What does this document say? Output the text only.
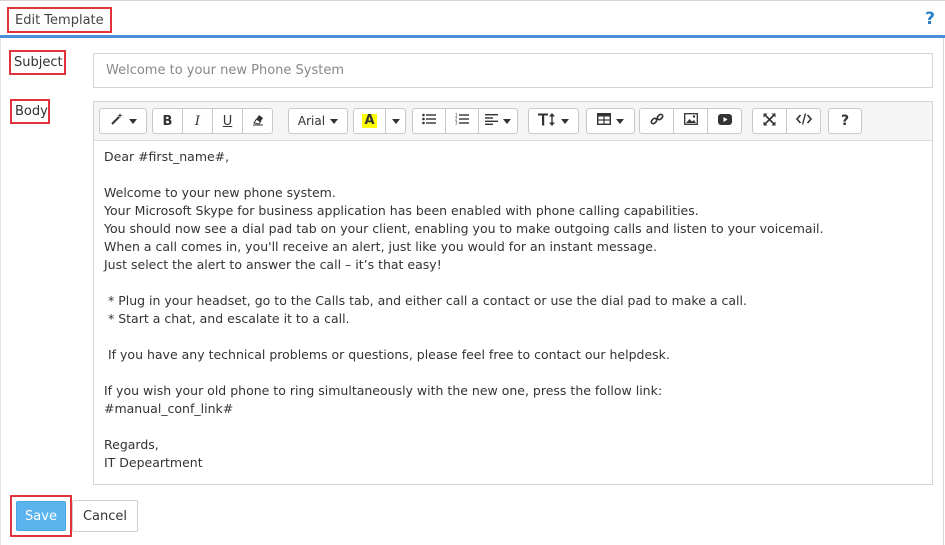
Edit Template	?
Subject
Welcome to your new Phone System
Body
B I U	Arial	A	1
2
3	?
Dear #first_name#,

Welcome to your new phone system.
Your Microsoft Skype for business application has been enabled with phone calling capabilities.
You should now see a dial pad tab on your client, enabling you to make outgoing calls and listen to your voicemail.
When a call comes in, you'll receive an alert, just like you would for an instant message.
Just select the alert to answer the call – it’s that easy!

* Plug in your headset, go to the Calls tab, and either call a contact or use the dial pad to make a call.
* Start a chat, and escalate it to a call.

If you have any technical problems or questions, please feel free to contact our helpdesk.

If you wish your old phone to ring simultaneously with the new one, press the follow link:
#manual_conf_link#

Regards,
IT Depeartment
Save	Cancel
